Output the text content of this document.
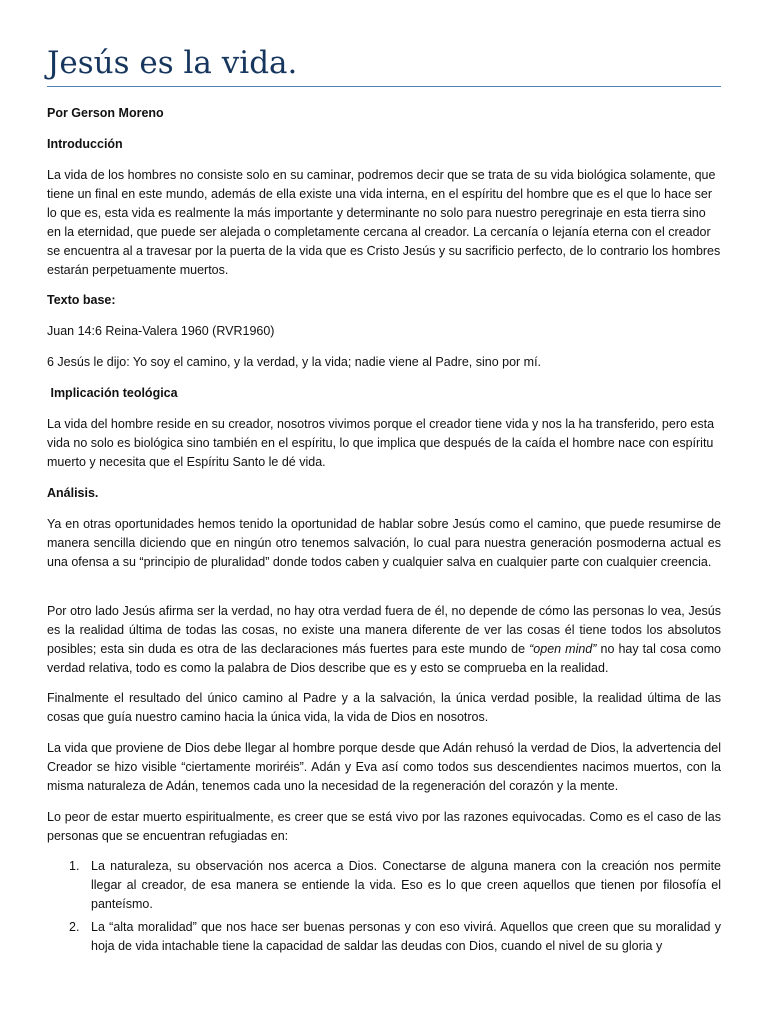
Jesús es la vida.

Por Gerson Moreno

Introducción

La vida de los hombres no consiste solo en su caminar, podremos decir que se trata de su vida biológica solamente, que tiene un final en este mundo, además de ella existe una vida interna, en el espíritu del hombre que es el que lo hace ser lo que es, esta vida es realmente la más importante y determinante no solo para nuestro peregrinaje en esta tierra sino en la eternidad, que puede ser alejada o completamente cercana al creador. La cercanía o lejanía eterna con el creador se encuentra al a travesar por la puerta de la vida que es Cristo Jesús y su sacrificio perfecto, de lo contrario los hombres estarán perpetuamente muertos.

Texto base:

Juan 14:6 Reina-Valera 1960 (RVR1960)

6 Jesús le dijo: Yo soy el camino, y la verdad, y la vida; nadie viene al Padre, sino por mí.

Implicación teológica

La vida del hombre reside en su creador, nosotros vivimos porque el creador tiene vida y nos la ha transferido, pero esta vida no solo es biológica sino también en el espíritu, lo que implica que después de la caída el hombre nace con espíritu muerto y necesita que el Espíritu Santo le dé vida.

Análisis.

Ya en otras oportunidades hemos tenido la oportunidad de hablar sobre Jesús como el camino, que puede resumirse de manera sencilla diciendo que en ningún otro tenemos salvación, lo cual para nuestra generación posmoderna actual es una ofensa a su “principio de pluralidad” donde todos caben y cualquier salva en cualquier parte con cualquier creencia.

Por otro lado Jesús afirma ser la verdad, no hay otra verdad fuera de él, no depende de cómo las personas lo vea, Jesús es la realidad última de todas las cosas, no existe una manera diferente de ver las cosas él tiene todos los absolutos posibles; esta sin duda es otra de las declaraciones más fuertes para este mundo de “open mind” no hay tal cosa como verdad relativa, todo es como la palabra de Dios describe que es y esto se comprueba en la realidad.

Finalmente el resultado del único camino al Padre y a la salvación, la única verdad posible, la realidad última de las cosas que guía nuestro camino hacia la única vida, la vida de Dios en nosotros.

La vida que proviene de Dios debe llegar al hombre porque desde que Adán rehusó la verdad de Dios, la advertencia del Creador se hizo visible “ciertamente moriréis”. Adán y Eva así como todos sus descendientes nacimos muertos, con la misma naturaleza de Adán, tenemos cada uno la necesidad de la regeneración del corazón y la mente.

Lo peor de estar muerto espiritualmente, es creer que se está vivo por las razones equivocadas. Como es el caso de las personas que se encuentran refugiadas en:

1. La naturaleza, su observación nos acerca a Dios. Conectarse de alguna manera con la creación nos permite llegar al creador, de esa manera se entiende la vida. Eso es lo que creen aquellos que tienen por filosofía el panteísmo.
2. La “alta moralidad” que nos hace ser buenas personas y con eso vivirá. Aquellos que creen que su moralidad y hoja de vida intachable tiene la capacidad de saldar las deudas con Dios, cuando el nivel de su gloria y
